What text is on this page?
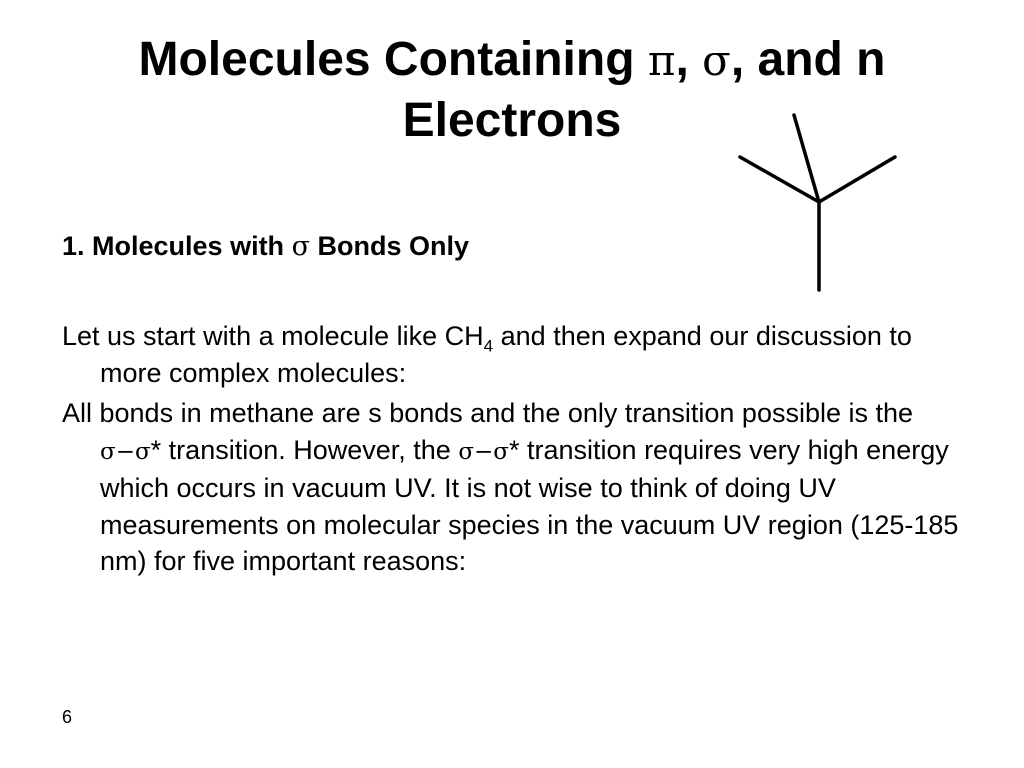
Molecules Containing π, σ, and n Electrons
1. Molecules with σ Bonds Only

Let us start with a molecule like $CH_4$ and then expand our discussion to more complex molecules:

All bonds in methane are s bonds and the only transition possible is the σ−σ* transition. However, the σ−σ* transition requires very high energy which occurs in vacuum UV. It is not wise to think of doing UV measurements on molecular species in the vacuum UV region (125-185 nm) for five important reasons:

6
